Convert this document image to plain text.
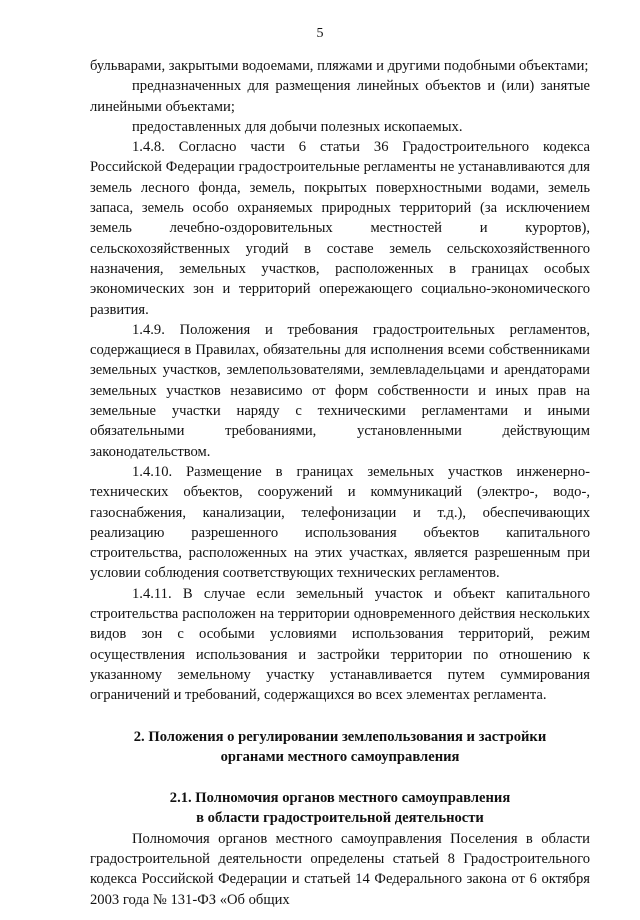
5

бульварами, закрытыми водоемами, пляжами и другими подобными объектами;

предназначенных для размещения линейных объектов и (или) занятые линейными объектами;

предоставленных для добычи полезных ископаемых.

1.4.8. Согласно части 6 статьи 36 Градостроительного кодекса Российской Федерации градостроительные регламенты не устанавливаются для земель лесного фонда, земель, покрытых поверхностными водами, земель запаса, земель особо охраняемых природных территорий (за исключением земель лечебно-оздоровительных местностей и курортов), сельскохозяйственных угодий в составе земель сельскохозяйственного назначения, земельных участков, расположенных в границах особых экономических зон и территорий опережающего социально-экономического развития.

1.4.9. Положения и требования градостроительных регламентов, содержащиеся в Правилах, обязательны для исполнения всеми собственниками земельных участков, землепользователями, землевладельцами и арендаторами земельных участков независимо от форм собственности и иных прав на земельные участки наряду с техническими регламентами и иными обязательными требованиями, установленными действующим законодательством.

1.4.10. Размещение в границах земельных участков инженерно-технических объектов, сооружений и коммуникаций (электро-, водо-, газоснабжения, канализации, телефонизации и т.д.), обеспечивающих реализацию разрешенного использования объектов капитального строительства, расположенных на этих участках, является разрешенным при условии соблюдения соответствующих технических регламентов.

1.4.11. В случае если земельный участок и объект капитального строительства расположен на территории одновременного действия нескольких видов зон с особыми условиями использования территорий, режим осуществления использования и застройки территории по отношению к указанному земельному участку устанавливается путем суммирования ограничений и требований, содержащихся во всех элементах регламента.

2. Положения о регулировании землепользования и застройки
органами местного самоуправления
2.1. Полномочия органов местного самоуправления
в области градостроительной деятельности

Полномочия органов местного самоуправления Поселения в области градостроительной деятельности определены статьей 8 Градостроительного кодекса Российской Федерации и статьей 14 Федерального закона от 6 октября 2003 года № 131-ФЗ «Об общих
